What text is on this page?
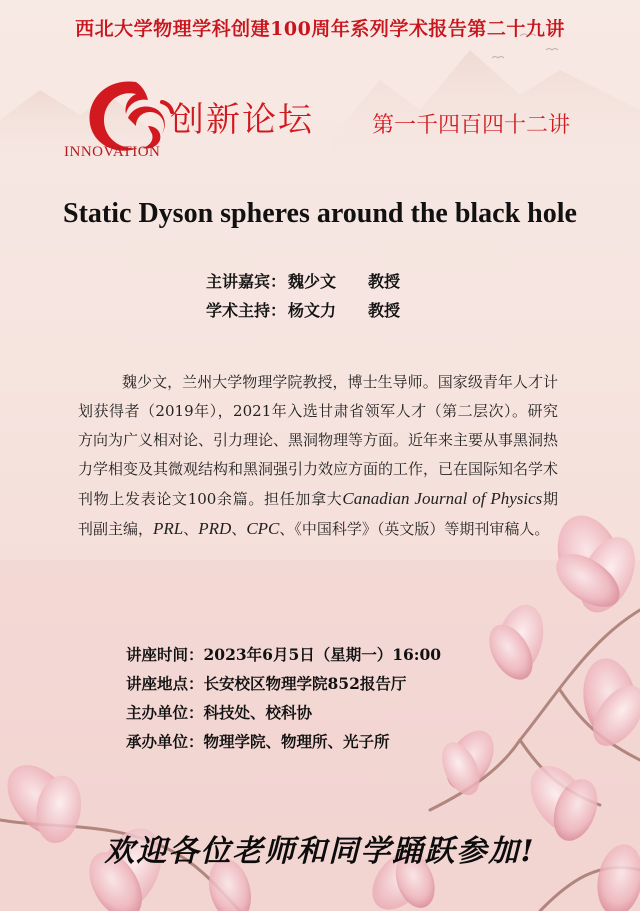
西北大学物理学科创建100周年系列学术报告第二十九讲
INNOVATION
创新论坛	第一千四百四十二讲
Static Dyson spheres around the black hole
主讲嘉宾： 魏少文 教授
学术主持： 杨文力 教授
魏少文，兰州大学物理学院教授，博士生导师。国家级青年人才计划获得者（2019年），2021年入选甘肃省领军人才（第二层次）。研究方向为广义相对论、引力理论、黑洞物理等方面。近年来主要从事黑洞热力学相变及其微观结构和黑洞强引力效应方面的工作，已在国际知名学术刊物上发表论文100余篇。担任加拿大Canadian Journal of Physics期刊副主编，PRL、PRD、CPC、《中国科学》（英文版）等期刊审稿人。
讲座时间：2023年6月5日（星期一）16:00
讲座地点：长安校区物理学院852报告厅
主办单位：科技处、校科协
承办单位：物理学院、物理所、光子所
欢迎各位老师和同学踊跃参加!
